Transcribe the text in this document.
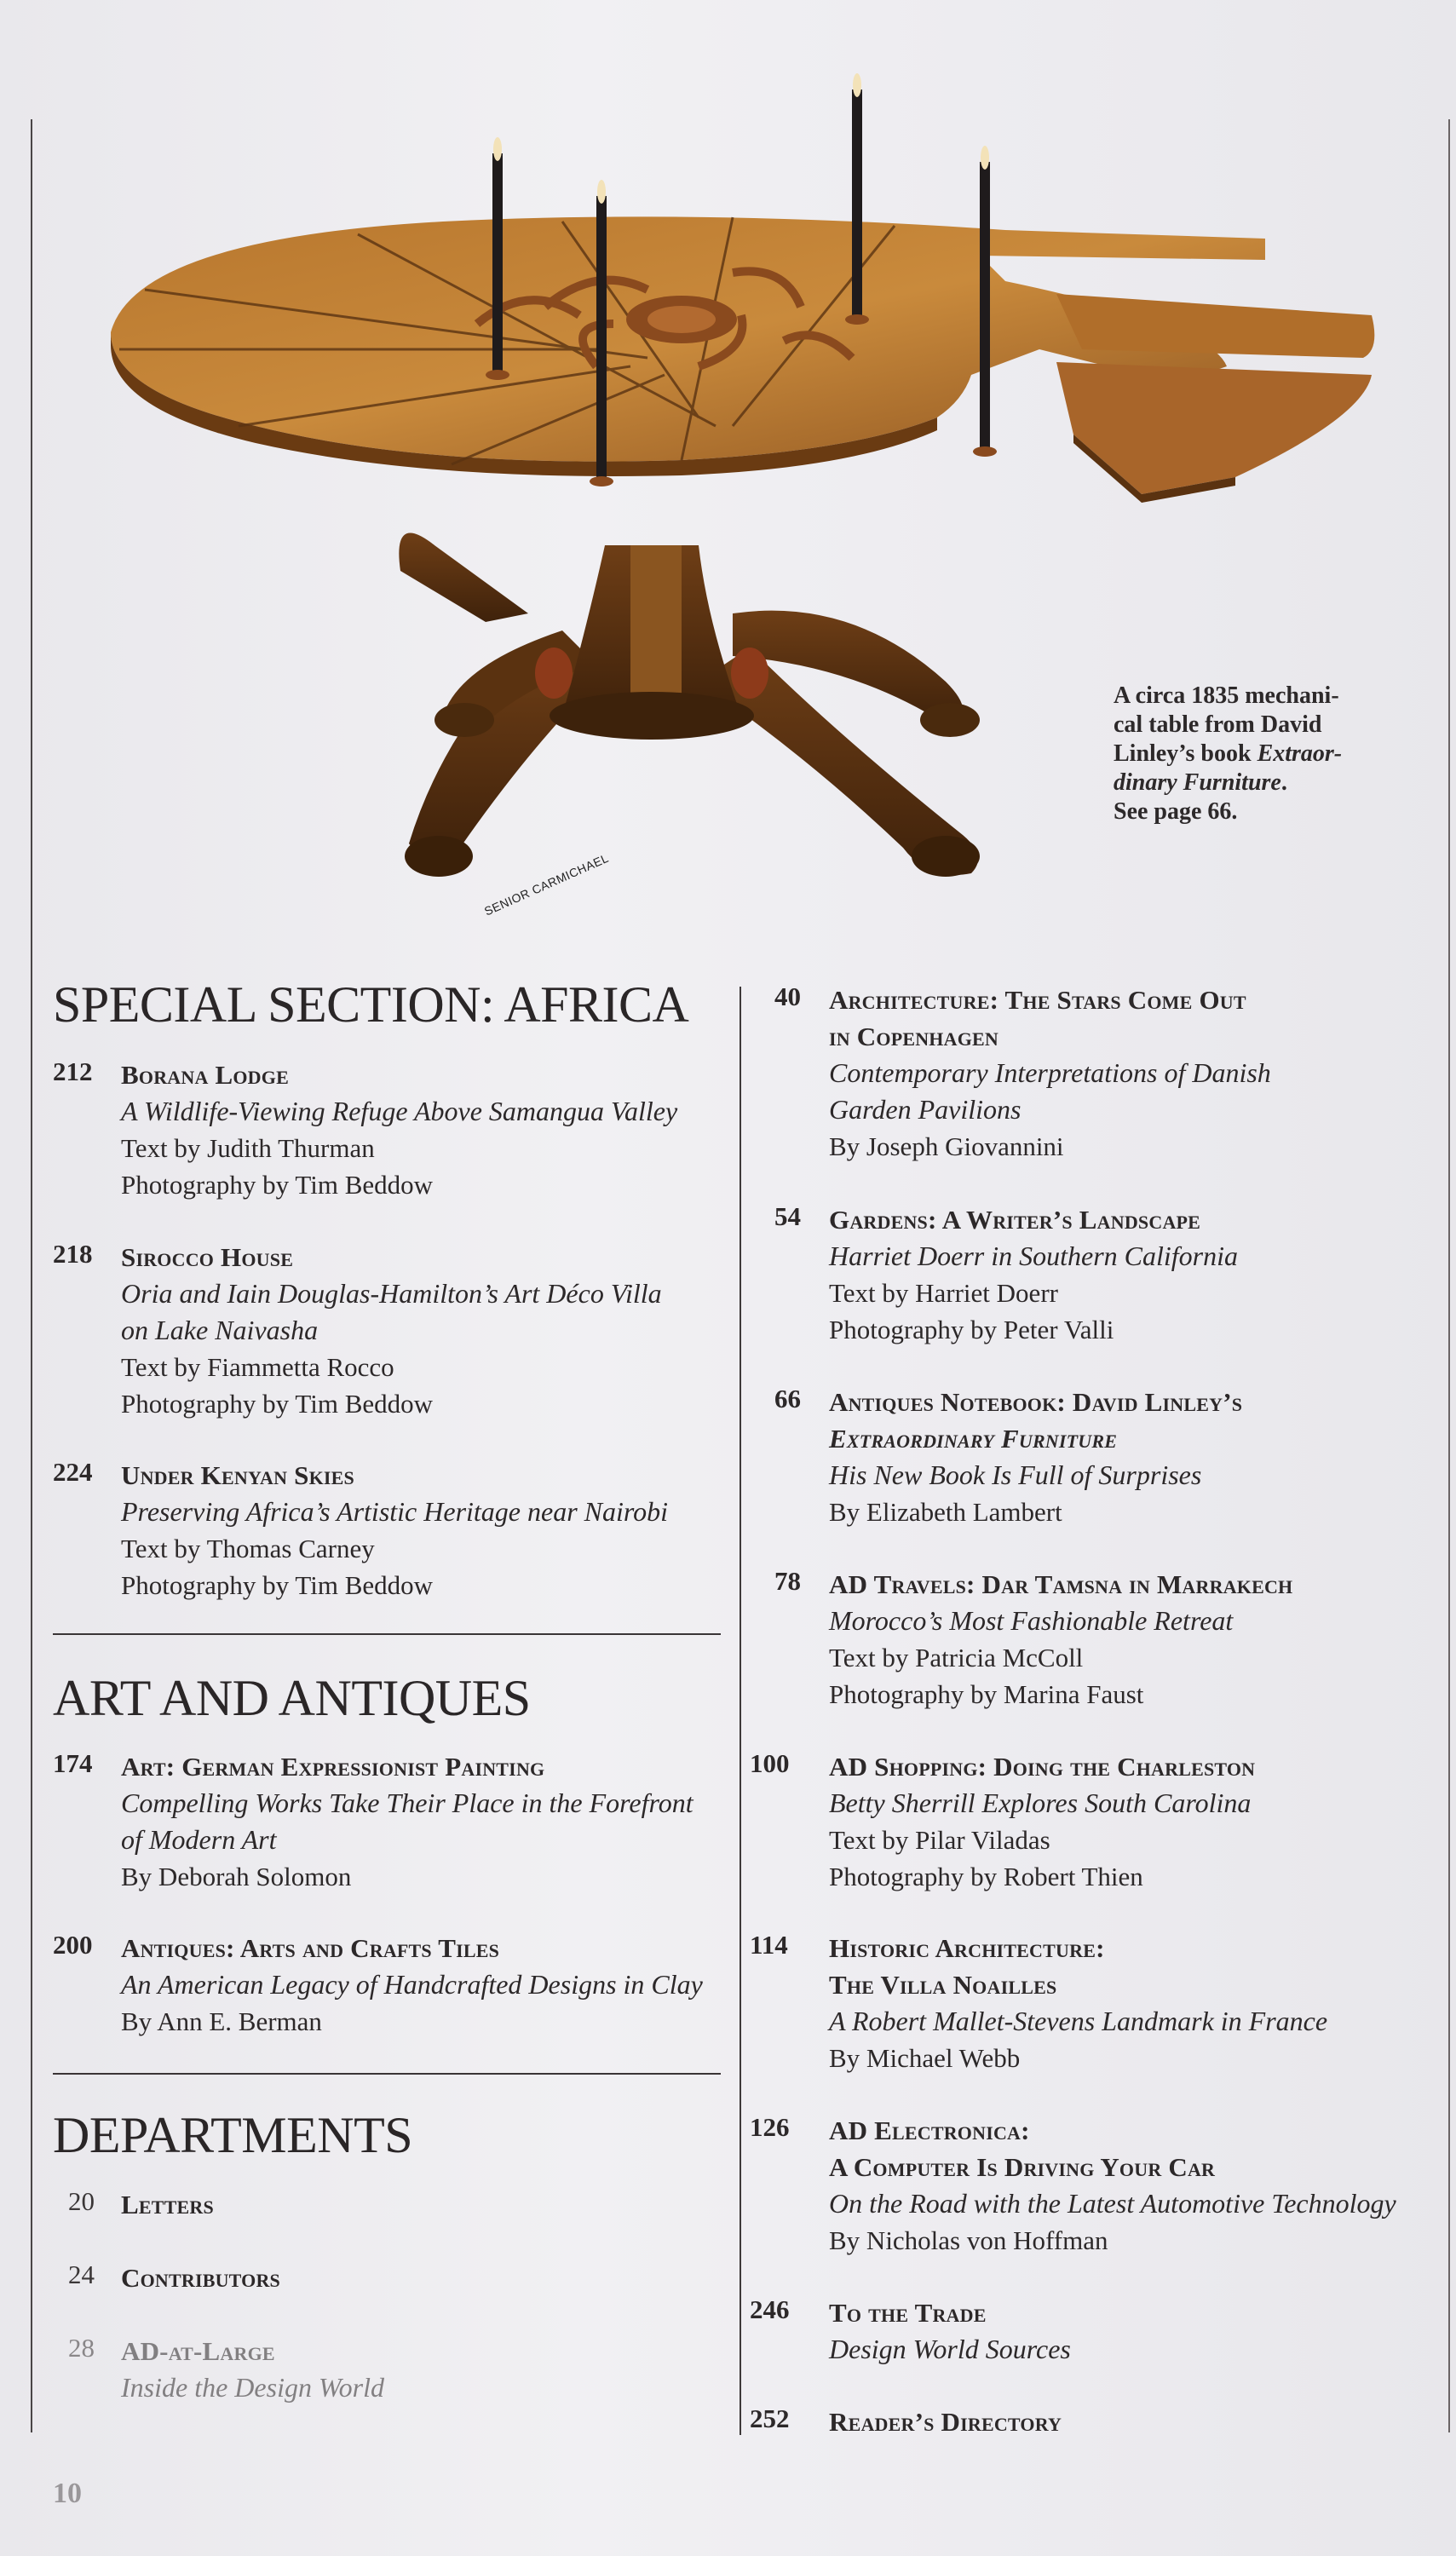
SENIOR CARMICHAEL
A circa 1835 mechani-
cal table from David
Linley’s book Extraor-
dinary Furniture.
See page 66.
SPECIAL SECTION: AFRICA
212 Borana Lodge
A Wildlife-Viewing Refuge Above Samangua Valley
Text by Judith Thurman
Photography by Tim Beddow
218 Sirocco House
Oria and Iain Douglas-Hamilton’s Art Déco Villa
on Lake Naivasha
Text by Fiammetta Rocco
Photography by Tim Beddow
224 Under Kenyan Skies
Preserving Africa’s Artistic Heritage near Nairobi
Text by Thomas Carney
Photography by Tim Beddow
ART AND ANTIQUES
174 Art: German Expressionist Painting
Compelling Works Take Their Place in the Forefront
of Modern Art
By Deborah Solomon
200 Antiques: Arts and Crafts Tiles
An American Legacy of Handcrafted Designs in Clay
By Ann E. Berman
DEPARTMENTS
20 Letters
24 Contributors
28 AD-at-Large
Inside the Design World
40 Architecture: The Stars Come Out
in Copenhagen
Contemporary Interpretations of Danish
Garden Pavilions
By Joseph Giovannini
54 Gardens: A Writer’s Landscape
Harriet Doerr in Southern California
Text by Harriet Doerr
Photography by Peter Valli
66 Antiques Notebook: David Linley’s
Extraordinary Furniture
His New Book Is Full of Surprises
By Elizabeth Lambert
78 AD Travels: Dar Tamsna in Marrakech
Morocco’s Most Fashionable Retreat
Text by Patricia McColl
Photography by Marina Faust
100 AD Shopping: Doing the Charleston
Betty Sherrill Explores South Carolina
Text by Pilar Viladas
Photography by Robert Thien
114 Historic Architecture:
The Villa Noailles
A Robert Mallet-Stevens Landmark in France
By Michael Webb
126 AD Electronica:
A Computer Is Driving Your Car
On the Road with the Latest Automotive Technology
By Nicholas von Hoffman
246 To the Trade
Design World Sources
252 Reader’s Directory
10
